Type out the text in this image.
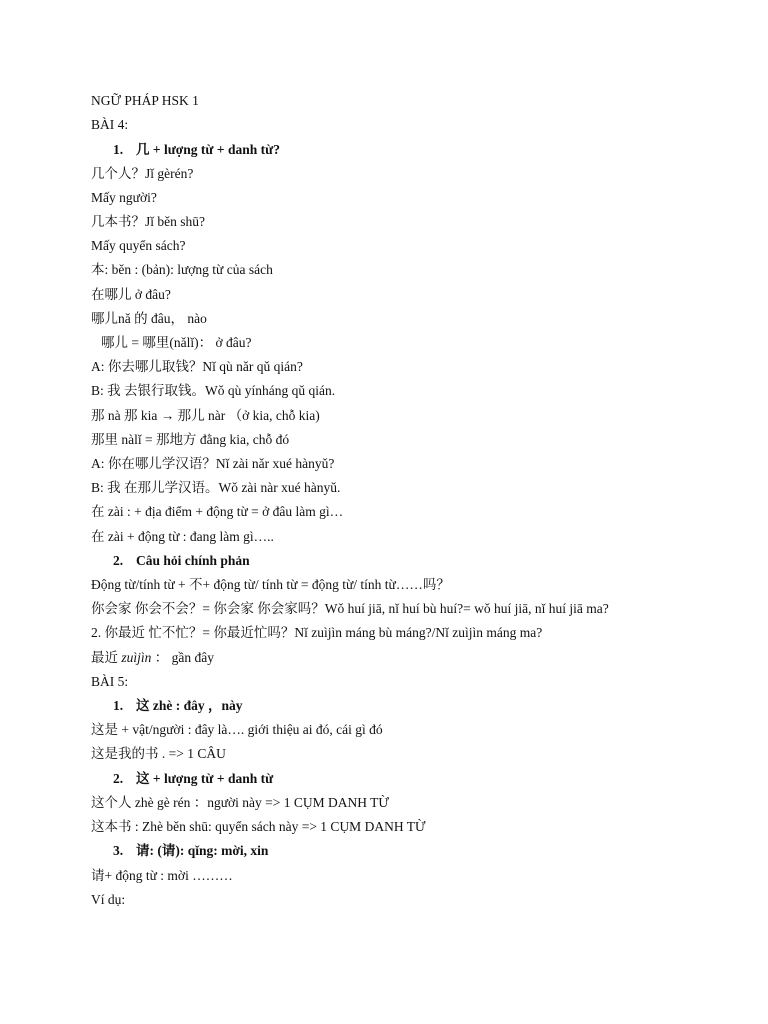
NGỮ PHÁP HSK 1
BÀI 4:
1. 几 + lượng từ + danh từ?
几个人？Jǐ gèrén?
Mấy người?
几本书？Jǐ běn shū?
Mấy quyển sách?
本: běn : (bản): lượng từ của sách
在哪儿 ở đâu?
哪儿nǎ 的 đâu， nào
哪儿 = 哪里(nǎlǐ)： ở đâu?
A: 你去哪儿取钱？Nǐ qù nǎr qǔ qián?
B: 我 去银行取钱。Wǒ qù yínháng qǔ qián.
那 nà 那 kia → 那儿 nàr （ở kia, chỗ kia)
那里 nàlǐ = 那地方 đằng kia, chỗ đó
A: 你在哪儿学汉语？Nǐ zài nǎr xué hànyǔ?
B: 我 在那儿学汉语。Wǒ zài nàr xué hànyǔ.
在 zài : + địa điểm + động từ = ở đâu làm gì…
在 zài + động từ : đang làm gì…..
2. Câu hỏi chính phản
Động từ/tính từ + 不+ động từ/ tính từ = động từ/ tính từ……吗？
你会家 你会不会？= 你会家 你会家吗？Wǒ huí jiā, nǐ huí bù huí?= wǒ huí jiā, nǐ huí jiā ma?
2. 你最近 忙不忙？= 你最近忙吗？Nǐ zuìjìn máng bù máng?/Nǐ zuìjìn máng ma?
最近 zuìjìn ： gần đây
BÀI 5:
1. 这 zhè : đây ，này
这是 + vật/người : đây là…. giới thiệu ai đó, cái gì đó
这是我的书 . => 1 CÂU
2. 这 + lượng từ + danh từ
这个人 zhè gè rén ：người này => 1 CỤM DANH TỪ
这本书 : Zhè běn shū: quyển sách này => 1 CỤM DANH TỪ
3. 请: (请): qǐng: mời, xin
请+ động từ : mời ………
Ví dụ:
